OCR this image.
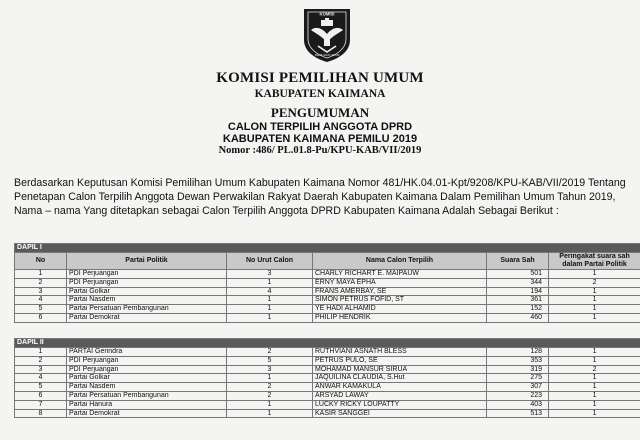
KOMISI
PEMILIHAN UMUM
KOMISI PEMILIHAN UMUM
KABUPATEN KAIMANA
PENGUMUMAN
CALON TERPILIH ANGGOTA DPRD
KABUPATEN KAIMANA PEMILU 2019
Nomor :486/ PL.01.8-Pu/KPU-KAB/VII/2019
Berdasarkan Keputusan Komisi Pemilihan Umum Kabupaten Kaimana Nomor 481/HK.04.01-Kpt/9208/KPU-KAB/VII/2019 Tentang
Penetapan Calon Terpilih Anggota Dewan Perwakilan Rakyat Daerah Kabupaten Kaimana Dalam Pemilihan Umum Tahun 2019,
Nama – nama Yang ditetapkan sebagai Calon Terpilih Anggota DPRD Kabupaten Kaimana Adalah Sebagai Berikut :
DAPIL I					
No	Partai Politik	No Urut Calon	Nama Calon Terpilih	Suara Sah	Peringakat suara sah dalam Partai Politik
1	PDI Perjuangan	3	CHARLY RICHART E. MAIPAUW	501	1
2	PDI Perjuangan	1	ERNY MAYA EPHA	344	2
3	Partai Golkar	4	FRANS AMERBAY, SE	194	1
4	Partai Nasdem	1	SIMON PETRUS FOFID, ST	361	1
5	Partai Persatuan Pembangunan	1	YE HADI ALHAMID	152	1
6	Partai Demokrat	1	PHILIP HENDRIK	460	1
DAPIL II					
1	PARTAI Gerindra	2	RUTHVIANI ASNATH BLESS	128	1
2	PDI Perjuangan	5	PETRUS PULO, SE	353	1
3	PDI Perjuangan	3	MOHAMAD MANSUR SIRUA	319	2
4	Partai Golkar	1	JAQUILINA CLAUDIA, S.Hut	275	1
5	Partai Nasdem	2	ANWAR KAMAKULA	307	1
6	Partai Persatuan Pembangunan	2	ARSYAD LAWAY	223	1
7	Partai Hanura	1	LUCKY RICKY LOUPATTY	403	1
8	Partai Demokrat	1	KASIR SANGGEI	513	1
